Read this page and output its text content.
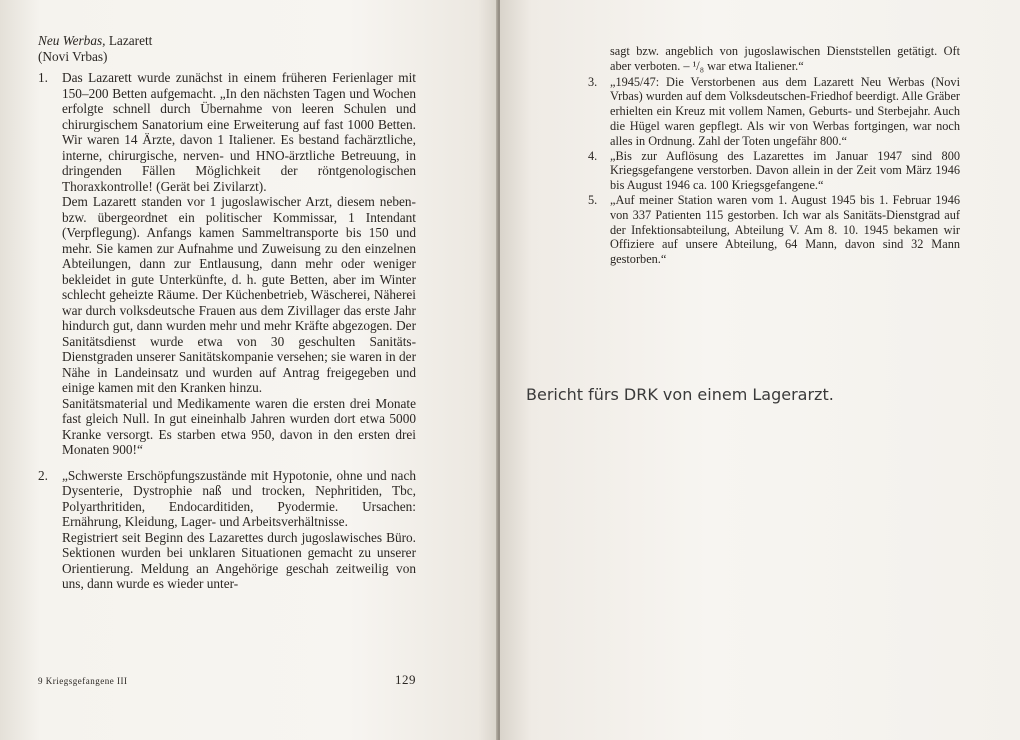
Neu Werbas, Lazarett

(Novi Vrbas)

1.	Das Lazarett wurde zunächst in einem früheren Ferienlager mit 150–200 Betten aufgemacht. „In den nächsten Tagen und Wochen erfolgte schnell durch Übernahme von leeren Schulen und chirurgischem Sanatorium eine Erweiterung auf fast 1000 Betten. Wir waren 14 Ärzte, davon 1 Italiener. Es bestand fachärztliche, interne, chirurgische, nerven- und HNO-ärztliche Betreuung, in dringenden Fällen Möglichkeit der röntgenologischen Thoraxkontrolle! (Gerät bei Zivilarzt).

Dem Lazarett standen vor 1 jugoslawischer Arzt, diesem neben- bzw. übergeordnet ein politischer Kommissar, 1 Intendant (Verpflegung). Anfangs kamen Sammeltransporte bis 150 und mehr. Sie kamen zur Aufnahme und Zuweisung zu den einzelnen Abteilungen, dann zur Entlausung, dann mehr oder weniger bekleidet in gute Unterkünfte, d. h. gute Betten, aber im Winter schlecht geheizte Räume. Der Küchenbetrieb, Wäscherei, Näherei war durch volksdeutsche Frauen aus dem Zivillager das erste Jahr hindurch gut, dann wurden mehr und mehr Kräfte abgezogen. Der Sanitätsdienst wurde etwa von 30 geschulten Sanitäts-Dienstgraden unserer Sanitätskompanie versehen; sie waren in der Nähe in Landeinsatz und wurden auf Antrag freigegeben und einige kamen mit den Kranken hinzu.

Sanitätsmaterial und Medikamente waren die ersten drei Monate fast gleich Null. In gut eineinhalb Jahren wurden dort etwa 5000 Kranke versorgt. Es starben etwa 950, davon in den ersten drei Monaten 900!“

2.	„Schwerste Erschöpfungszustände mit Hypotonie, ohne und nach Dysenterie, Dystrophie naß und trocken, Nephritiden, Tbc, Polyarthritiden, Endocarditiden, Pyodermie. Ursachen: Ernährung, Kleidung, Lager- und Arbeitsverhältnisse.

Registriert seit Beginn des Lazarettes durch jugoslawisches Büro. Sektionen wurden bei unklaren Situationen gemacht zu unserer Orientierung. Meldung an Angehörige geschah zeitweilig von uns, dann wurde es wieder unter-

9 Kriegsgefangene III	129

sagt bzw. angeblich von jugoslawischen Dienststellen getätigt. Oft aber verboten. – ¹/₈ war etwa Italiener.“

3.	„1945/47: Die Verstorbenen aus dem Lazarett Neu Werbas (Novi Vrbas) wurden auf dem Volksdeutschen-Friedhof beerdigt. Alle Gräber erhielten ein Kreuz mit vollem Namen, Geburts- und Sterbejahr. Auch die Hügel waren gepflegt. Als wir von Werbas fortgingen, war noch alles in Ordnung. Zahl der Toten ungefähr 800.“

4.	„Bis zur Auflösung des Lazarettes im Januar 1947 sind 800 Kriegsgefangene verstorben. Davon allein in der Zeit vom März 1946 bis August 1946 ca. 100 Kriegsgefangene.“

5.	„Auf meiner Station waren vom 1. August 1945 bis 1. Februar 1946 von 337 Patienten 115 gestorben. Ich war als Sanitäts-Dienstgrad auf der Infektionsabteilung, Abteilung V. Am 8. 10. 1945 bekamen wir Offiziere auf unsere Abteilung, 64 Mann, davon sind 32 Mann gestorben.“

Bericht fürs DRK von einem Lagerarzt.
